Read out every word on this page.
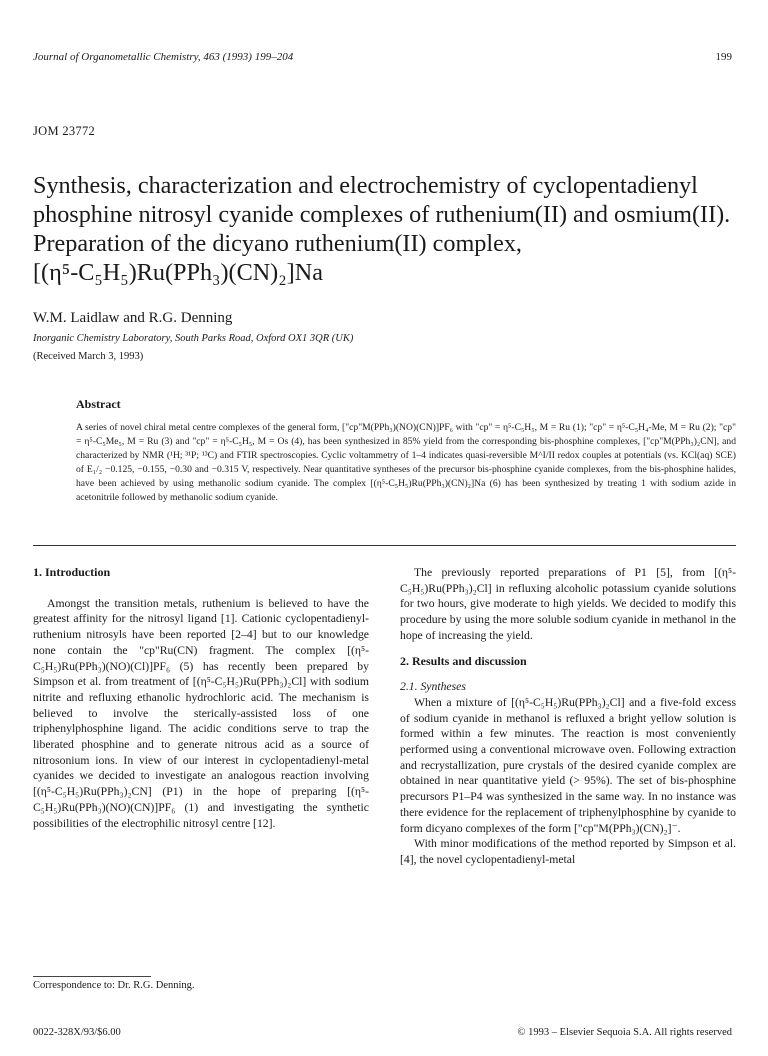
Journal of Organometallic Chemistry, 463 (1993) 199–204	199
JOM 23772
Synthesis, characterization and electrochemistry of cyclopentadienyl
phosphine nitrosyl cyanide complexes of ruthenium(II) and osmium(II).
Preparation of the dicyano ruthenium(II) complex,
[(η⁵-C₅H₅)Ru(PPh₃)(CN)₂]Na
W.M. Laidlaw and R.G. Denning
Inorganic Chemistry Laboratory, South Parks Road, Oxford OX1 3QR (UK)
(Received March 3, 1993)
Abstract

A series of novel chiral metal centre complexes of the general form, ["cp"M(PPh₃)(NO)(CN)]PF₆ with "cp" = η⁵-C₅H₅, M = Ru (1); "cp" = η⁵-C₅H₄-Me, M = Ru (2); "cp" = η⁵-C₅Me₅, M = Ru (3) and "cp" = η⁵-C₅H₅, M = Os (4), has been synthesized in 85% yield from the corresponding bis-phosphine complexes, ["cp"M(PPh₃)₂CN], and characterized by NMR (¹H; ³¹P; ¹³C) and FTIR spectroscopies. Cyclic voltammetry of 1–4 indicates quasi-reversible M^I/II redox couples at potentials (vs. KCl(aq) SCE) of E₁/₂ −0.125, −0.155, −0.30 and −0.315 V, respectively. Near quantitative syntheses of the precursor bis-phosphine cyanide complexes, from the bis-phosphine halides, have been achieved by using methanolic sodium cyanide. The complex [(η⁵-C₅H₅)Ru(PPh₃)(CN)₂]Na (6) has been synthesized by treating 1 with sodium azide in acetonitrile followed by methanolic sodium cyanide.

1. Introduction

Amongst the transition metals, ruthenium is believed to have the greatest affinity for the nitrosyl ligand [1]. Cationic cyclopentadienyl-ruthenium nitrosyls have been reported [2–4] but to our knowledge none contain the "cp"Ru(CN) fragment. The complex [(η⁵-C₅H₅)Ru(PPh₃)(NO)(Cl)]PF₆ (5) has recently been prepared by Simpson et al. from treatment of [(η⁵-C₅H₅)Ru(PPh₃)₂Cl] with sodium nitrite and refluxing ethanolic hydrochloric acid. The mechanism is believed to involve the sterically-assisted loss of one triphenylphosphine ligand. The acidic conditions serve to trap the liberated phosphine and to generate nitrous acid as a source of nitrosonium ions. In view of our interest in cyclopentadienyl-metal cyanides we decided to investigate an analogous reaction involving [(η⁵-C₅H₅)Ru(PPh₃)₂CN] (P1) in the hope of preparing [(η⁵-C₅H₅)Ru(PPh₃)(NO)(CN)]PF₆ (1) and investigating the synthetic possibilities of the electrophilic nitrosyl centre [12].

The previously reported preparations of P1 [5], from [(η⁵-C₅H₅)Ru(PPh₃)₂Cl] in refluxing alcoholic potassium cyanide solutions for two hours, give moderate to high yields. We decided to modify this procedure by using the more soluble sodium cyanide in methanol in the hope of increasing the yield.

2. Results and discussion

2.1. Syntheses

When a mixture of [(η⁵-C₅H₅)Ru(PPh₃)₂Cl] and a five-fold excess of sodium cyanide in methanol is refluxed a bright yellow solution is formed within a few minutes. The reaction is most conveniently performed using a conventional microwave oven. Following extraction and recrystallization, pure crystals of the desired cyanide complex are obtained in near quantitative yield (> 95%). The set of bis-phosphine precursors P1–P4 was synthesized in the same way. In no instance was there evidence for the replacement of triphenylphosphine by cyanide to form dicyano complexes of the form ["cp"M(PPh₃)(CN)₂]⁻.

With minor modifications of the method reported by Simpson et al. [4], the novel cyclopentadienyl-metal

Correspondence to: Dr. R.G. Denning.
0022-328X/93/$6.00	© 1993 – Elsevier Sequoia S.A. All rights reserved
